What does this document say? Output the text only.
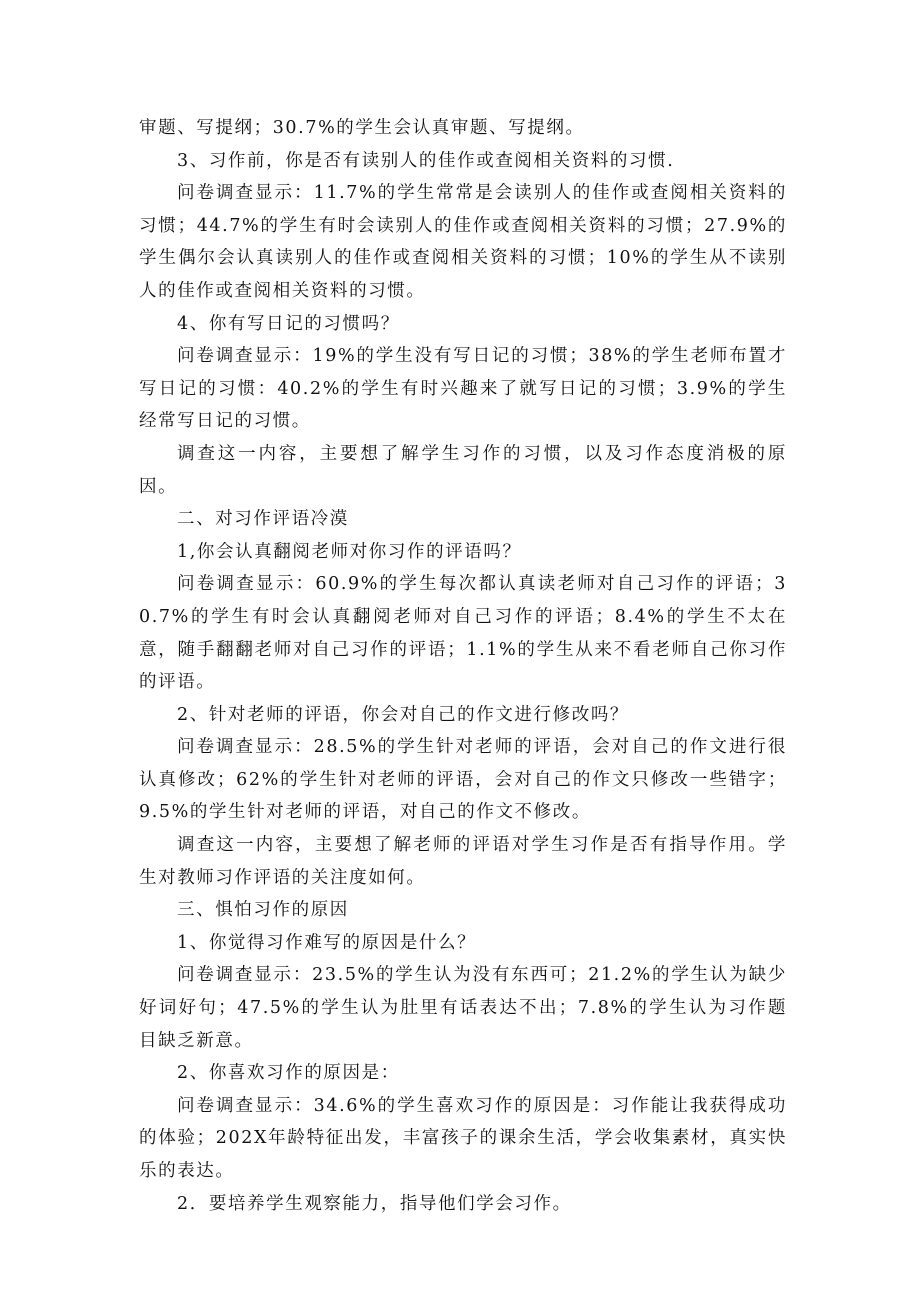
审题、写提纲；30.7%的学生会认真审题、写提纲。

3、习作前，你是否有读别人的佳作或查阅相关资料的习惯.

问卷调查显示：11.7%的学生常常是会读别人的佳作或查阅相关资料的习惯；44.7%的学生有时会读别人的佳作或查阅相关资料的习惯；27.9%的学生偶尔会认真读别人的佳作或查阅相关资料的习惯；10%的学生从不读别人的佳作或查阅相关资料的习惯。

4、你有写日记的习惯吗？

问卷调查显示：19%的学生没有写日记的习惯；38%的学生老师布置才写日记的习惯：40.2%的学生有时兴趣来了就写日记的习惯；3.9%的学生经常写日记的习惯。

调查这一内容，主要想了解学生习作的习惯，以及习作态度消极的原因。

二、对习作评语冷漠

1,你会认真翻阅老师对你习作的评语吗？

问卷调查显示：60.9%的学生每次都认真读老师对自己习作的评语；30.7%的学生有时会认真翻阅老师对自己习作的评语；8.4%的学生不太在意，随手翻翻老师对自己习作的评语；1.1%的学生从来不看老师自己你习作的评语。

2、针对老师的评语，你会对自己的作文进行修改吗？

问卷调查显示：28.5%的学生针对老师的评语，会对自己的作文进行很认真修改；62%的学生针对老师的评语，会对自己的作文只修改一些错字；9.5%的学生针对老师的评语，对自己的作文不修改。

调查这一内容，主要想了解老师的评语对学生习作是否有指导作用。学生对教师习作评语的关注度如何。

三、惧怕习作的原因

1、你觉得习作难写的原因是什么？

问卷调查显示：23.5%的学生认为没有东西可；21.2%的学生认为缺少好词好句；47.5%的学生认为肚里有话表达不出；7.8%的学生认为习作题目缺乏新意。

2、你喜欢习作的原因是：

问卷调查显示：34.6%的学生喜欢习作的原因是：习作能让我获得成功的体验；202X年龄特征出发，丰富孩子的课余生活，学会收集素材，真实快乐的表达。

2．要培养学生观察能力，指导他们学会习作。
